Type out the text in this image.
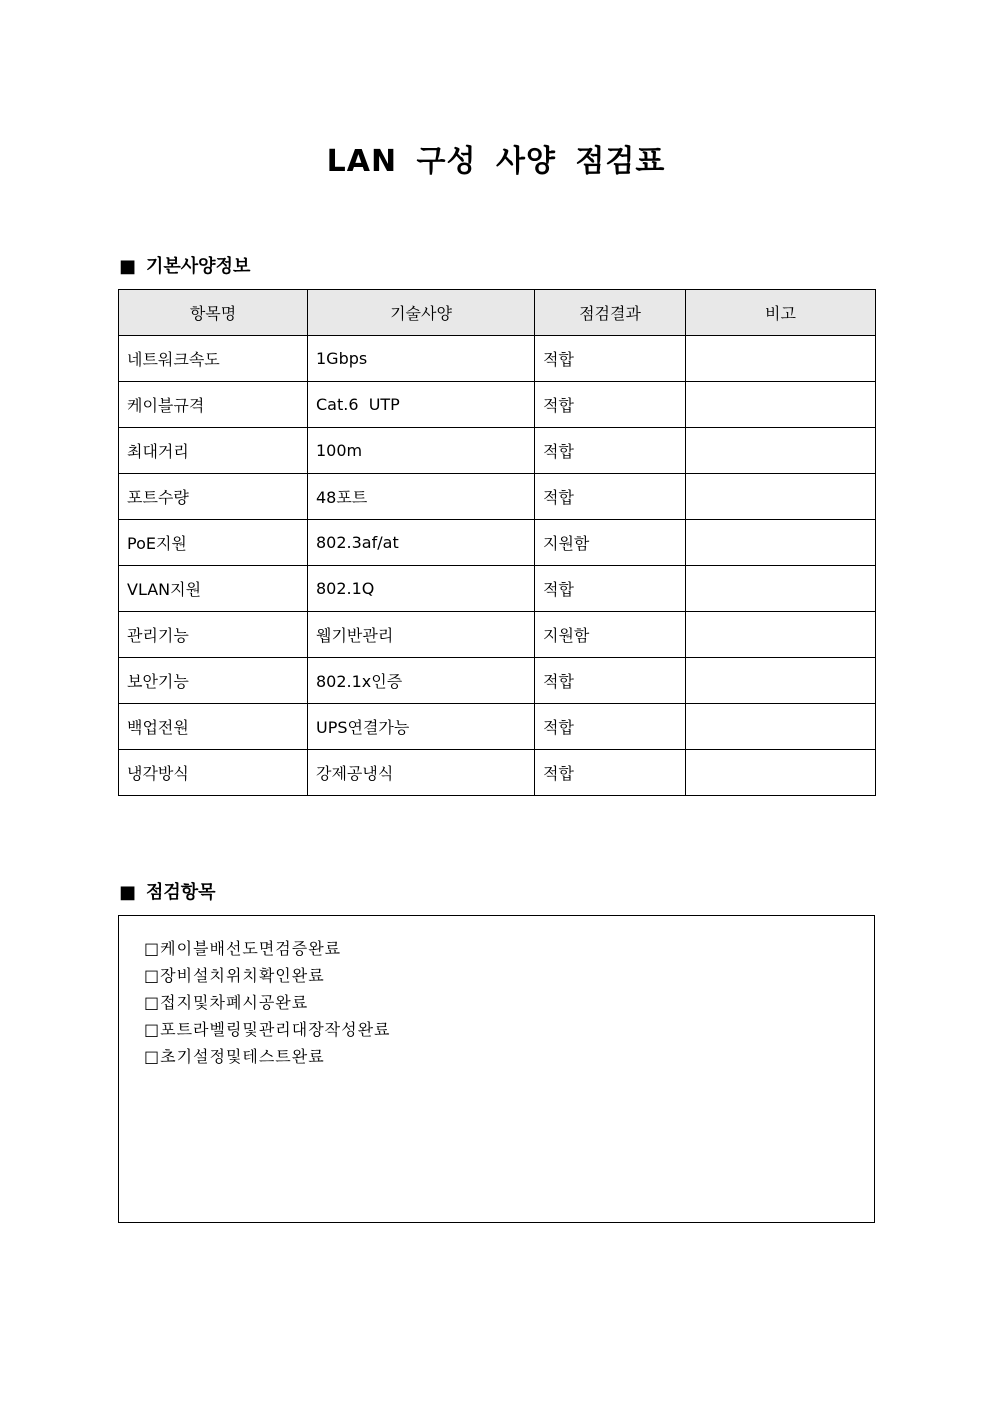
LAN 구성 사양 점검표
■ 기본사양정보
항목명	기술사양	점검결과	비고
네트워크속도	1Gbps	적합	
케이블규격	Cat.6  UTP	적합	
최대거리	100m	적합	
포트수량	48포트	적합	
PoE지원	802.3af/at	지원함	
VLAN지원	802.1Q	적합	
관리기능	웹기반관리	지원함	
보안기능	802.1x인증	적합	
백업전원	UPS연결가능	적합	
냉각방식	강제공냉식	적합	
■ 점검항목
□케이블배선도면검증완료
□장비설치위치확인완료
□접지및차폐시공완료
□포트라벨링및관리대장작성완료
□초기설정및테스트완료
